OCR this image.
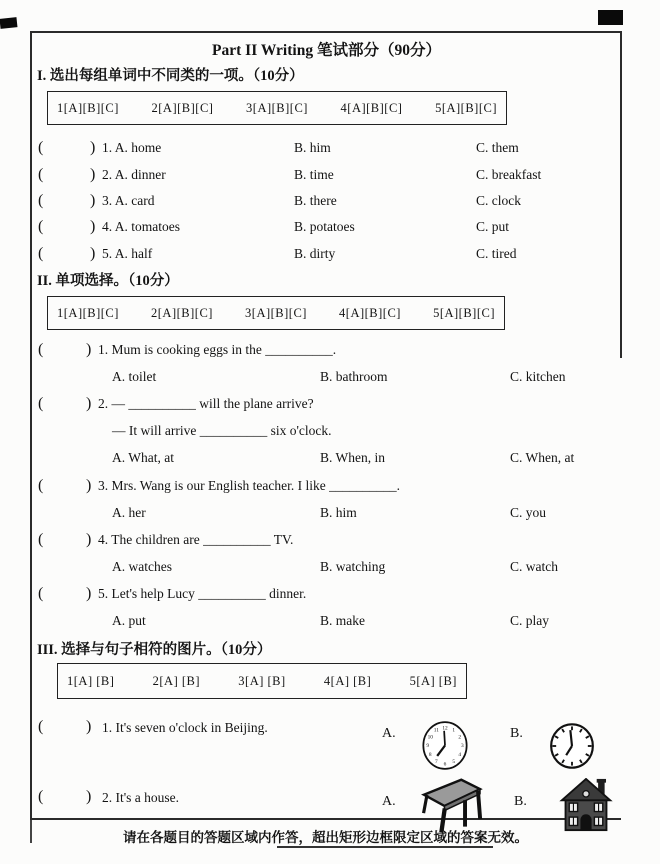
Part II Writing 笔试部分（90分）
I. 选出每组单词中不同类的一项。（10分）
1[A][B][C]	2[A][B][C]	3[A][B][C]	4[A][B][C]	5[A][B][C]
(	) 1. A. home	B. him	C. them
(	) 2. A. dinner	B. time	C. breakfast
(	) 3. A. card	B. there	C. clock
(	) 4. A. tomatoes	B. potatoes	C. put
(	) 5. A. half	B. dirty	C. tired
II. 单项选择。（10分）
1[A][B][C]	2[A][B][C]	3[A][B][C]	4[A][B][C]	5[A][B][C]
(	) 1. Mum is cooking eggs in the __________.
A. toilet	B. bathroom	C. kitchen
(	) 2. — __________ will the plane arrive?
— It will arrive __________ six o'clock.
A. What, at	B. When, in	C. When, at
(	) 3. Mrs. Wang is our English teacher. I like __________.
A. her	B. him	C. you
(	) 4. The children are __________ TV.
A. watches	B. watching	C. watch
(	) 5. Let's help Lucy __________ dinner.
A. put	B. make	C. play
III. 选择与句子相符的图片。（10分）
1[A] [B]	2[A] [B]	3[A] [B]	4[A] [B]	5[A] [B]
(	) 1. It's seven o'clock in Beijing.	A.

	12 1
2
3
4
5
6
7
8
9
10
11

	B.

(	) 2. It's a house.	A.

	B.

请在各题目的答题区域内作答，超出矩形边框限定区域的答案无效。
